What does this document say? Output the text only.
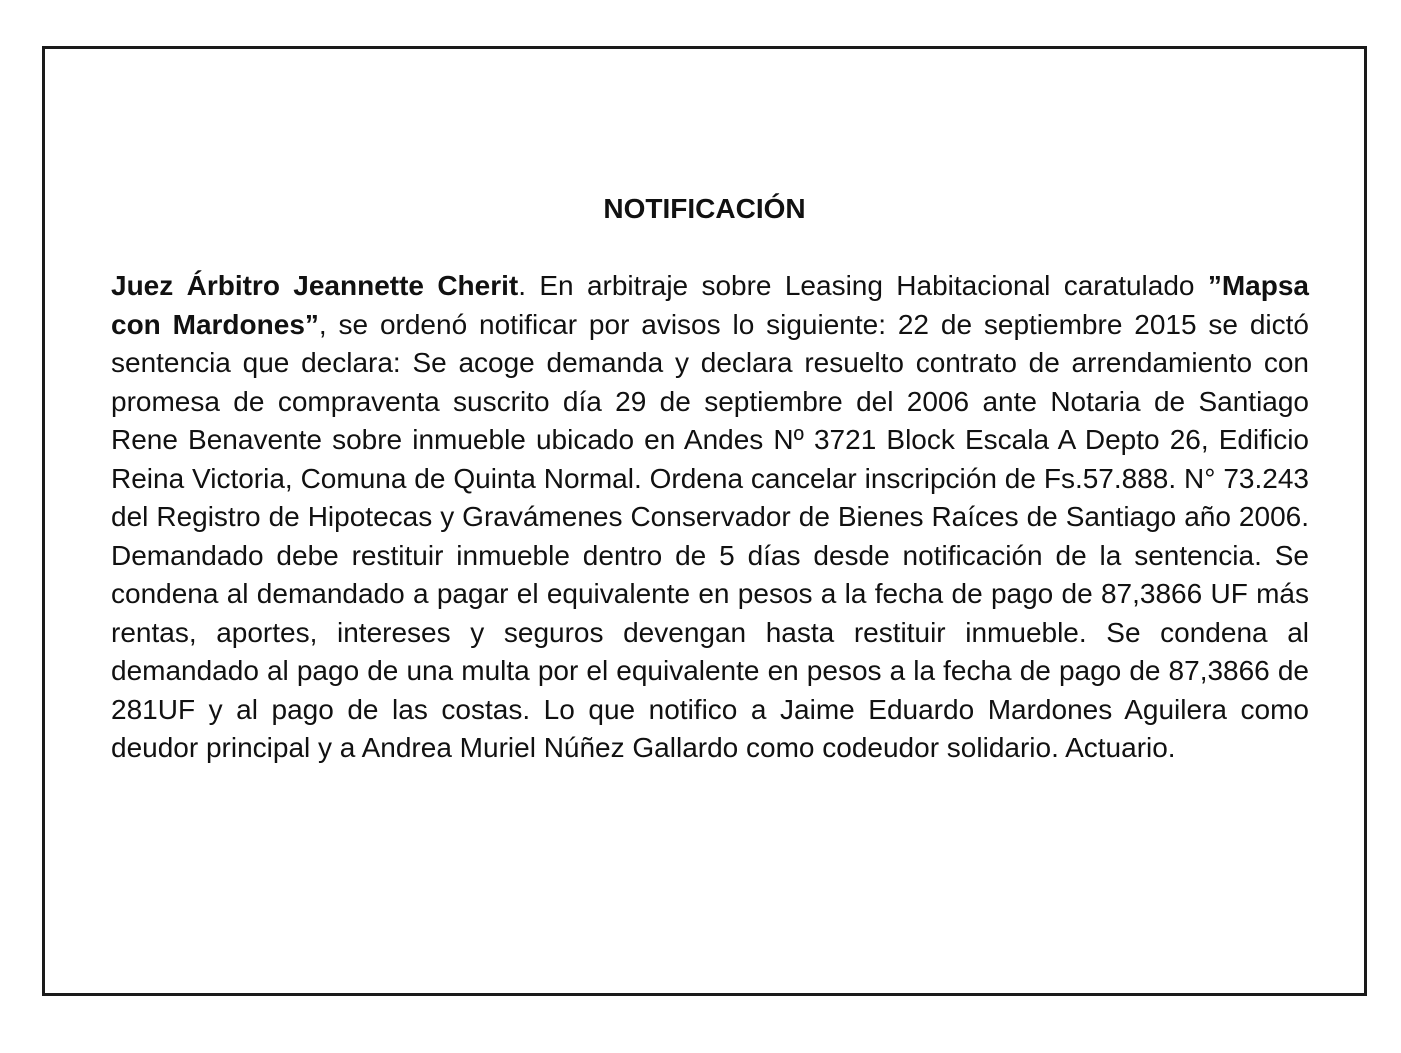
NOTIFICACIÓN

Juez Árbitro Jeannette Cherit. En arbitraje sobre Leasing Habitacional caratulado ”Mapsa con Mardones”, se ordenó notificar por avisos lo siguiente: 22 de septiembre 2015 se dictó sentencia que declara: Se acoge demanda y declara resuelto contrato de arrendamiento con promesa de compraventa suscrito día 29 de septiembre del 2006 ante Notaria de Santiago Rene Benavente sobre inmueble ubicado en Andes Nº 3721 Block Escala A Depto 26, Edificio Reina Victoria, Comuna de Quinta Normal. Ordena cancelar inscripción de Fs.57.888. N° 73.243 del Registro de Hipotecas y Gravámenes Conservador de Bienes Raíces de Santiago año 2006. Demandado debe restituir inmueble dentro de 5 días desde notificación de la sentencia. Se condena al demandado a pagar el equivalente en pesos a la fecha de pago de 87,3866 UF más rentas, aportes, intereses y seguros devengan hasta restituir inmueble. Se condena al demandado al pago de una multa por el equivalente en pesos a la fecha de pago de 87,3866 de 281UF y al pago de las costas. Lo que notifico a Jaime Eduardo Mardones Aguilera como deudor principal y a Andrea Muriel Núñez Gallardo como codeudor solidario. Actuario.
